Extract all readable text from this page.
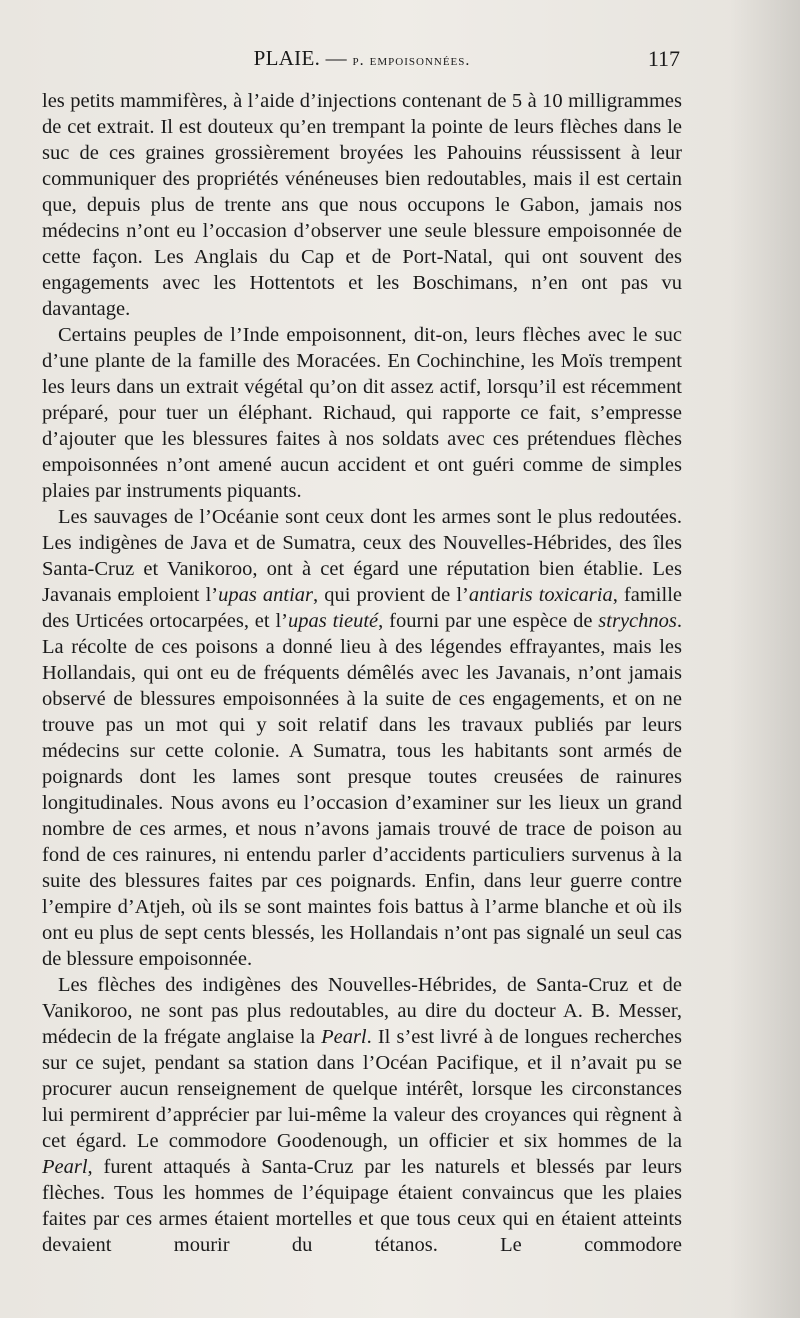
PLAIE. — p. empoisonnées.	117

les petits mammifères, à l’aide d’injections contenant de 5 à 10 milligrammes de cet extrait. Il est douteux qu’en trempant la pointe de leurs flèches dans le suc de ces graines grossièrement broyées les Pahouins réussissent à leur communiquer des propriétés vénéneuses bien redoutables, mais il est certain que, depuis plus de trente ans que nous occupons le Gabon, jamais nos médecins n’ont eu l’occasion d’observer une seule blessure empoisonnée de cette façon. Les Anglais du Cap et de Port-Natal, qui ont souvent des engagements avec les Hottentots et les Boschimans, n’en ont pas vu davantage.

Certains peuples de l’Inde empoisonnent, dit-on, leurs flèches avec le suc d’une plante de la famille des Moracées. En Cochinchine, les Moïs trempent les leurs dans un extrait végétal qu’on dit assez actif, lorsqu’il est récemment préparé, pour tuer un éléphant. Richaud, qui rapporte ce fait, s’empresse d’ajouter que les blessures faites à nos soldats avec ces prétendues flèches empoisonnées n’ont amené aucun accident et ont guéri comme de simples plaies par instruments piquants.

Les sauvages de l’Océanie sont ceux dont les armes sont le plus redoutées. Les indigènes de Java et de Sumatra, ceux des Nouvelles-Hébrides, des îles Santa-Cruz et Vanikoroo, ont à cet égard une réputation bien établie. Les Javanais emploient l’upas antiar, qui provient de l’antiaris toxicaria, famille des Urticées ortocarpées, et l’upas tieuté, fourni par une espèce de strychnos. La récolte de ces poisons a donné lieu à des légendes effrayantes, mais les Hollandais, qui ont eu de fréquents démêlés avec les Javanais, n’ont jamais observé de blessures empoisonnées à la suite de ces engagements, et on ne trouve pas un mot qui y soit relatif dans les travaux publiés par leurs médecins sur cette colonie. A Sumatra, tous les habitants sont armés de poignards dont les lames sont presque toutes creusées de rainures longitudinales. Nous avons eu l’occasion d’examiner sur les lieux un grand nombre de ces armes, et nous n’avons jamais trouvé de trace de poison au fond de ces rainures, ni entendu parler d’accidents particuliers survenus à la suite des blessures faites par ces poignards. Enfin, dans leur guerre contre l’empire d’Atjeh, où ils se sont maintes fois battus à l’arme blanche et où ils ont eu plus de sept cents blessés, les Hollandais n’ont pas signalé un seul cas de blessure empoisonnée.

Les flèches des indigènes des Nouvelles-Hébrides, de Santa-Cruz et de Vanikoroo, ne sont pas plus redoutables, au dire du docteur A. B. Messer, médecin de la frégate anglaise la Pearl. Il s’est livré à de longues recherches sur ce sujet, pendant sa station dans l’Océan Pacifique, et il n’avait pu se procurer aucun renseignement de quelque intérêt, lorsque les circonstances lui permirent d’apprécier par lui-même la valeur des croyances qui règnent à cet égard. Le commodore Goodenough, un officier et six hommes de la Pearl, furent attaqués à Santa-Cruz par les naturels et blessés par leurs flèches. Tous les hommes de l’équipage étaient convaincus que les plaies faites par ces armes étaient mortelles et que tous ceux qui en étaient atteints devaient mourir du tétanos. Le commodore
